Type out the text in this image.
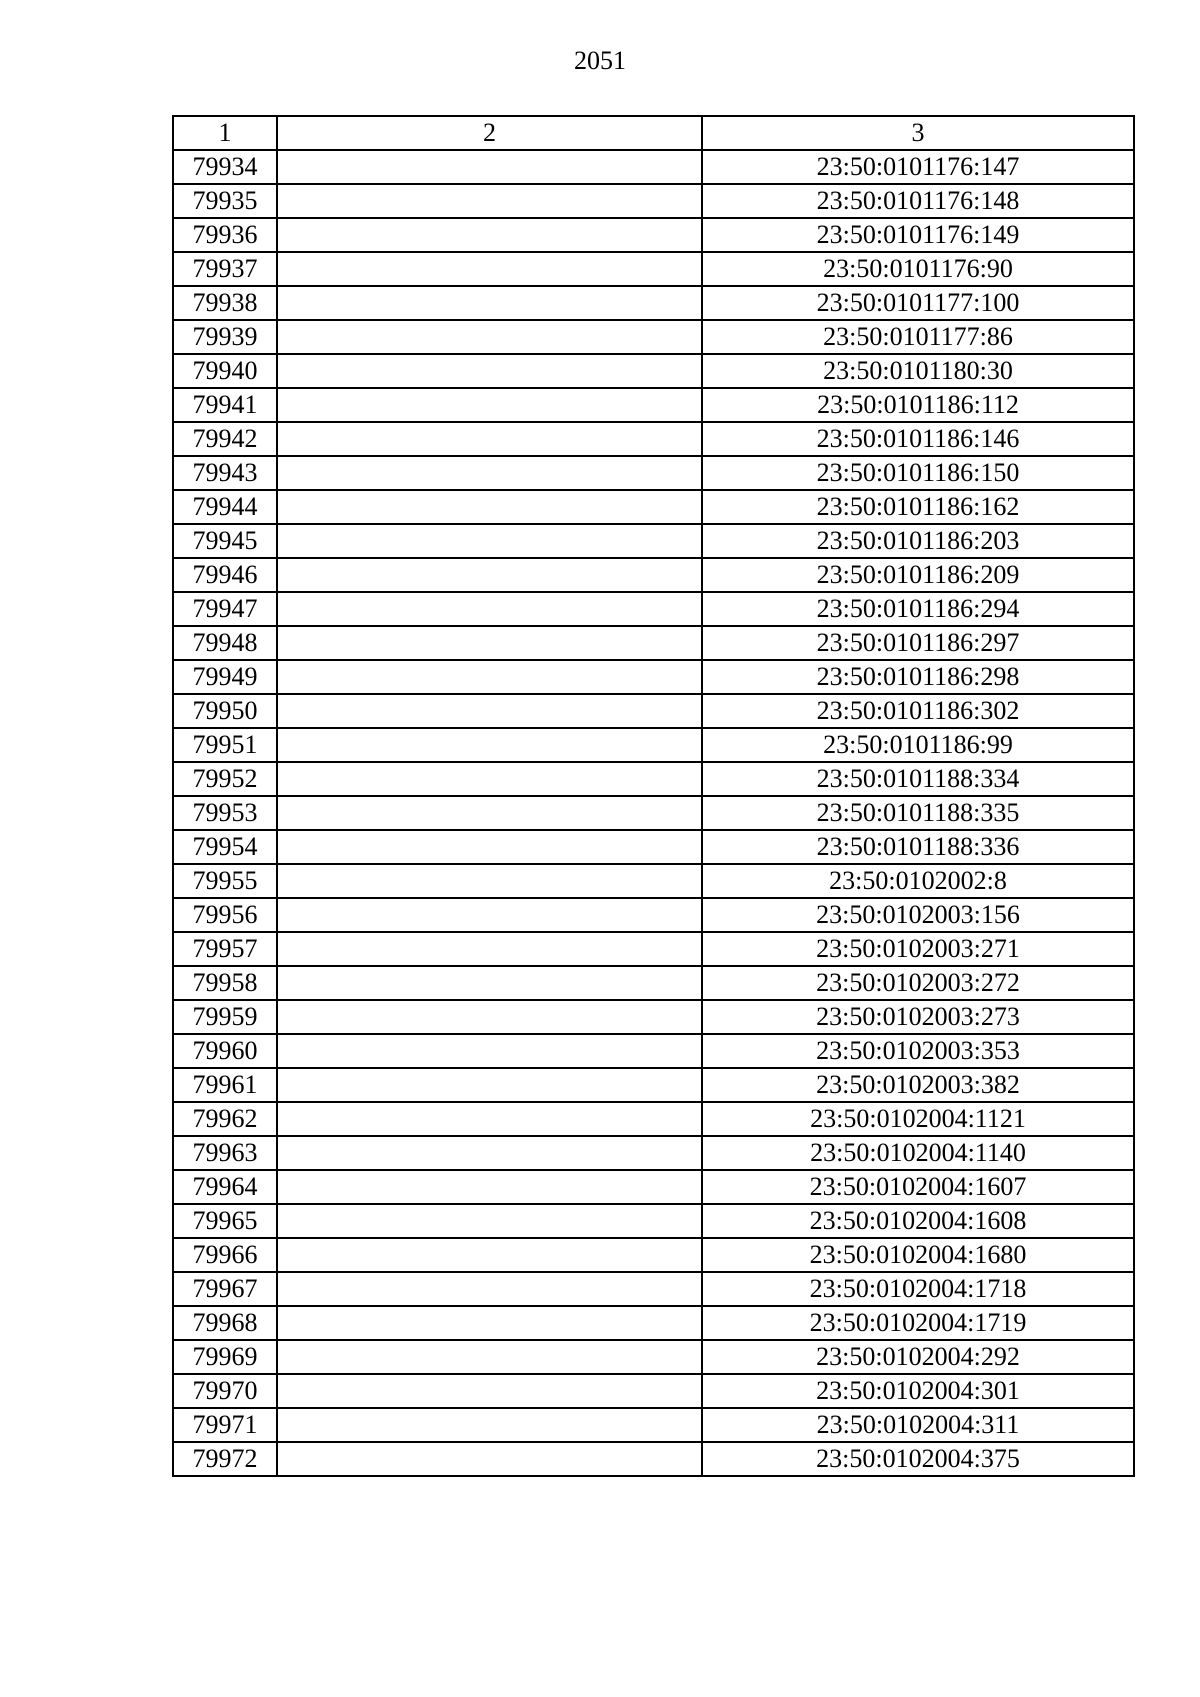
2051
1	2	3
79934		23:50:0101176:147
79935		23:50:0101176:148
79936		23:50:0101176:149
79937		23:50:0101176:90
79938		23:50:0101177:100
79939		23:50:0101177:86
79940		23:50:0101180:30
79941		23:50:0101186:112
79942		23:50:0101186:146
79943		23:50:0101186:150
79944		23:50:0101186:162
79945		23:50:0101186:203
79946		23:50:0101186:209
79947		23:50:0101186:294
79948		23:50:0101186:297
79949		23:50:0101186:298
79950		23:50:0101186:302
79951		23:50:0101186:99
79952		23:50:0101188:334
79953		23:50:0101188:335
79954		23:50:0101188:336
79955		23:50:0102002:8
79956		23:50:0102003:156
79957		23:50:0102003:271
79958		23:50:0102003:272
79959		23:50:0102003:273
79960		23:50:0102003:353
79961		23:50:0102003:382
79962		23:50:0102004:1121
79963		23:50:0102004:1140
79964		23:50:0102004:1607
79965		23:50:0102004:1608
79966		23:50:0102004:1680
79967		23:50:0102004:1718
79968		23:50:0102004:1719
79969		23:50:0102004:292
79970		23:50:0102004:301
79971		23:50:0102004:311
79972		23:50:0102004:375
